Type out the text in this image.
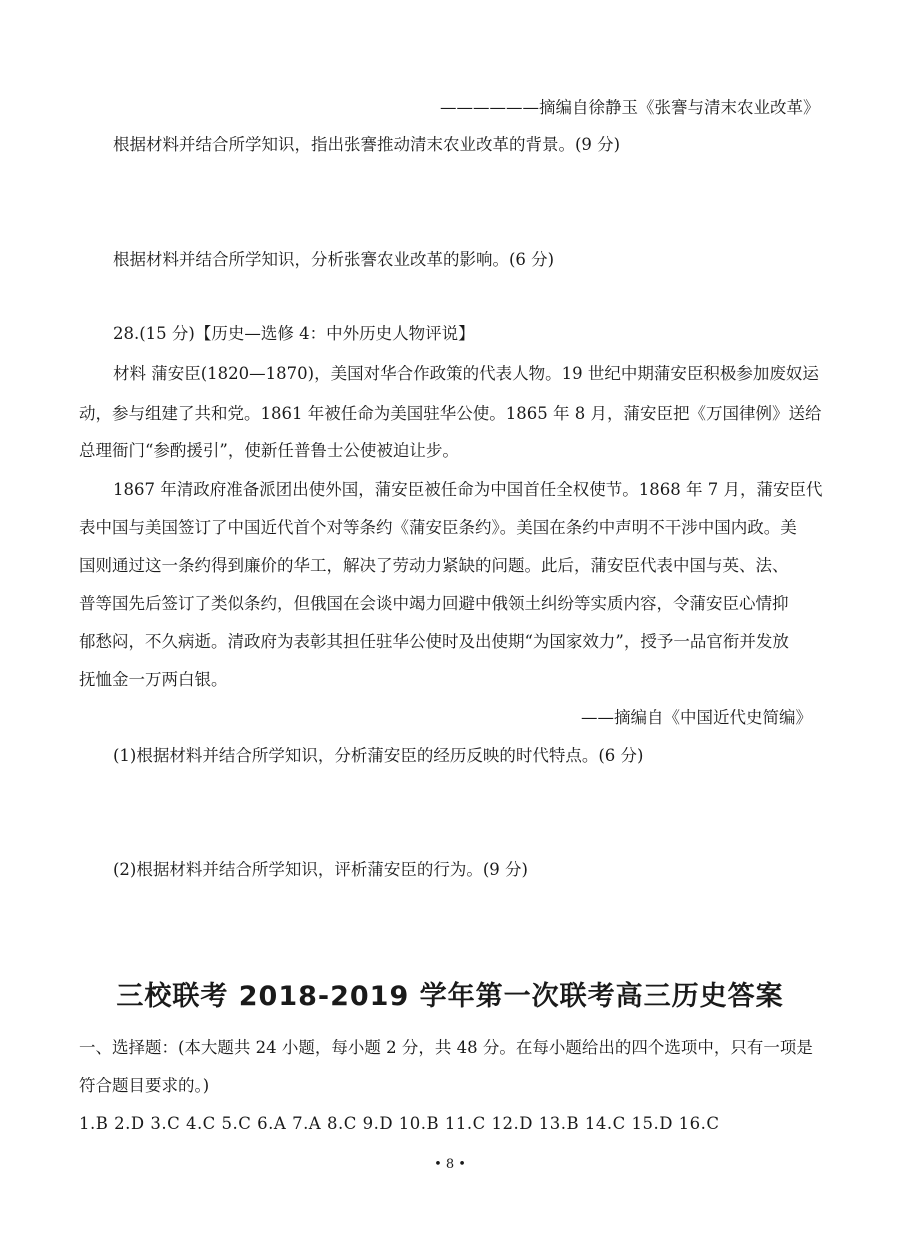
——————摘编自徐静玉《张謇与清末农业改革》
根据材料并结合所学知识，指出张謇推动清末农业改革的背景。(9 分)
根据材料并结合所学知识，分析张謇农业改革的影响。(6 分)
28.(15 分)【历史—选修 4：中外历史人物评说】
材料 蒲安臣(1820—1870)，美国对华合作政策的代表人物。19 世纪中期蒲安臣积极参加废奴运
动，参与组建了共和党。1861 年被任命为美国驻华公使。1865 年 8 月，蒲安臣把《万国律例》送给
总理衙门“参酌援引”，使新任普鲁士公使被迫让步。
1867 年清政府准备派团出使外国，蒲安臣被任命为中国首任全权使节。1868 年 7 月，蒲安臣代
表中国与美国签订了中国近代首个对等条约《蒲安臣条约》。美国在条约中声明不干涉中国内政。美
国则通过这一条约得到廉价的华工，解决了劳动力紧缺的问题。此后，蒲安臣代表中国与英、法、
普等国先后签订了类似条约，但俄国在会谈中竭力回避中俄领土纠纷等实质内容，令蒲安臣心情抑
郁愁闷，不久病逝。清政府为表彰其担任驻华公使时及出使期“为国家效力”，授予一品官衔并发放
抚恤金一万两白银。
——摘编自《中国近代史简编》
(1)根据材料并结合所学知识，分析蒲安臣的经历反映的时代特点。(6 分)
(2)根据材料并结合所学知识，评析蒲安臣的行为。(9 分)
三校联考 2018-2019 学年第一次联考高三历史答案
一、选择题：(本大题共 24 小题，每小题 2 分，共 48 分。在每小题给出的四个选项中，只有一项是
符合题目要求的。)
1.B 2.D 3.C 4.C 5.C 6.A 7.A 8.C 9.D 10.B 11.C 12.D 13.B 14.C 15.D 16.C
• 8 •
